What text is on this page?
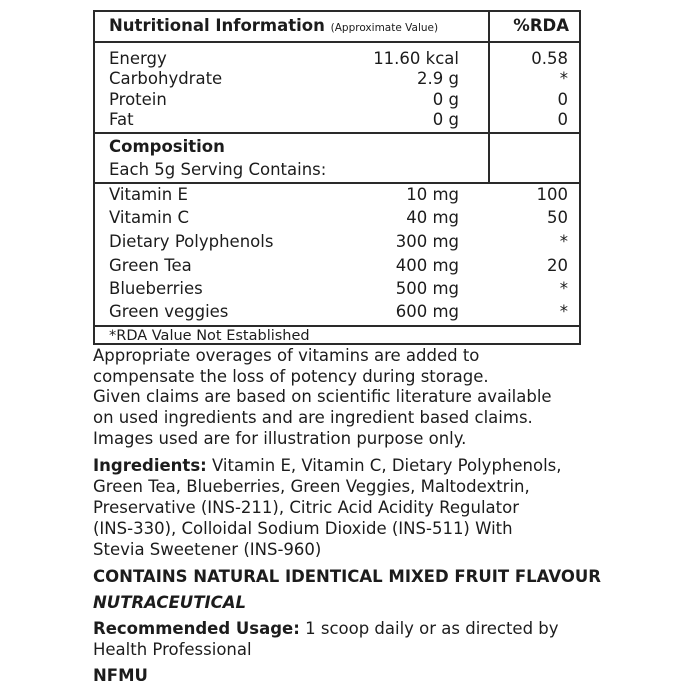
Nutritional Information (Approximate Value)	%RDA
Energy	11.60 kcal	0.58
Carbohydrate	2.9 g	*
Protein	0 g	0
Fat	0 g	0
Composition
Each 5g Serving Contains:
Vitamin E	10 mg	100
Vitamin C	40 mg	50
Dietary Polyphenols	300 mg	*
Green Tea	400 mg	20
Blueberries	500 mg	*
Green veggies	600 mg	*
*RDA Value Not Established
Appropriate overages of vitamins are added to
compensate the loss of potency during storage.
Given claims are based on scientific literature available
on used ingredients and are ingredient based claims.
Images used are for illustration purpose only.
Ingredients: Vitamin E, Vitamin C, Dietary Polyphenols,
Green Tea, Blueberries, Green Veggies, Maltodextrin,
Preservative (INS-211), Citric Acid Acidity Regulator
(INS-330), Colloidal Sodium Dioxide (INS-511) With
Stevia Sweetener (INS-960)
CONTAINS NATURAL IDENTICAL MIXED FRUIT FLAVOUR
NUTRACEUTICAL
Recommended Usage: 1 scoop daily or as directed by
Health Professional
NFMU
